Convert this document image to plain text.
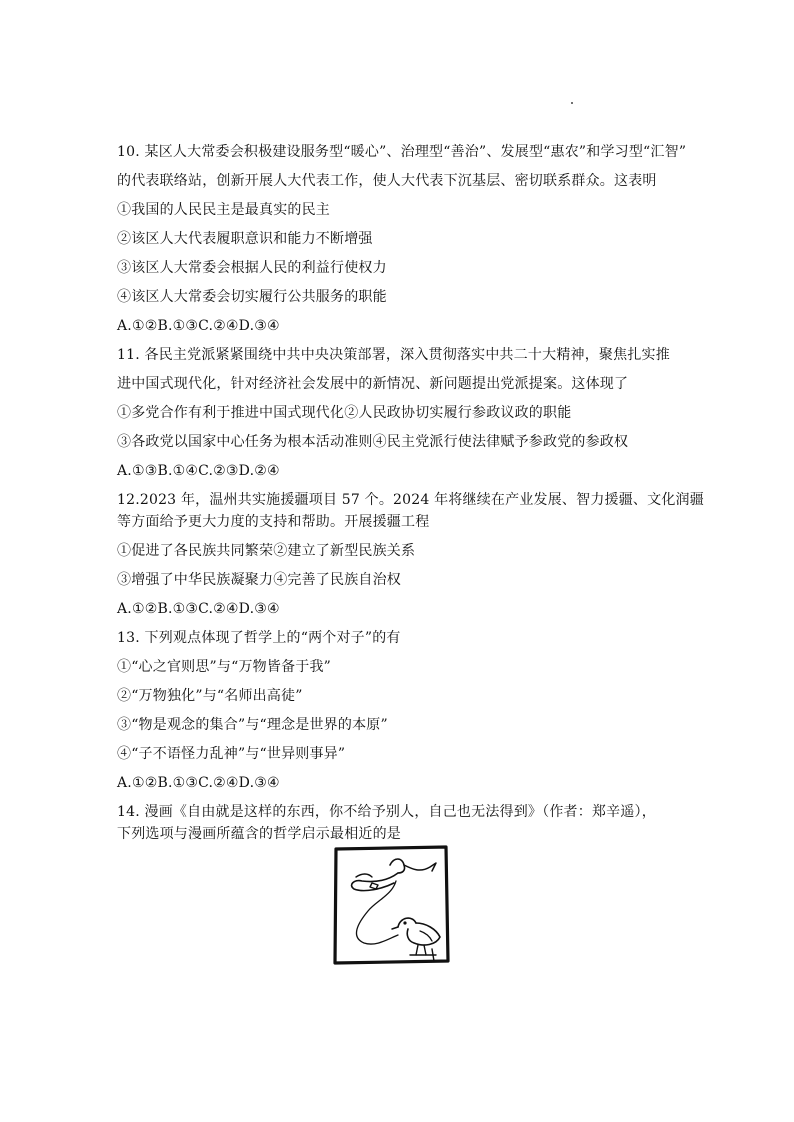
10. 某区人大常委会积极建设服务型“暖心”、治理型“善治”、发展型“惠农”和学习型“汇智”
的代表联络站，创新开展人大代表工作，使人大代表下沉基层、密切联系群众。这表明
①我国的人民民主是最真实的民主
②该区人大代表履职意识和能力不断增强
③该区人大常委会根据人民的利益行使权力
④该区人大常委会切实履行公共服务的职能
A.①②B.①③C.②④D.③④
11. 各民主党派紧紧围绕中共中央决策部署，深入贯彻落实中共二十大精神，聚焦扎实推
进中国式现代化，针对经济社会发展中的新情况、新问题提出党派提案。这体现了
①多党合作有利于推进中国式现代化②人民政协切实履行参政议政的职能
③各政党以国家中心任务为根本活动准则④民主党派行使法律赋予参政党的参政权
A.①③B.①④C.②③D.②④
12.2023 年，温州共实施援疆项目 57 个。2024 年将继续在产业发展、智力援疆、文化润疆
等方面给予更大力度的支持和帮助。开展援疆工程
①促进了各民族共同繁荣②建立了新型民族关系
③增强了中华民族凝聚力④完善了民族自治权
A.①②B.①③C.②④D.③④
13. 下列观点体现了哲学上的“两个对子”的有
①“心之官则思”与“万物皆备于我”
②“万物独化”与“名师出高徒”
③“物是观念的集合”与“理念是世界的本原”
④“子不语怪力乱神”与“世异则事异”
A.①②B.①③C.②④D.③④
14. 漫画《自由就是这样的东西，你不给予别人，自己也无法得到》（作者：郑辛遥），
下列选项与漫画所蕴含的哲学启示最相近的是
